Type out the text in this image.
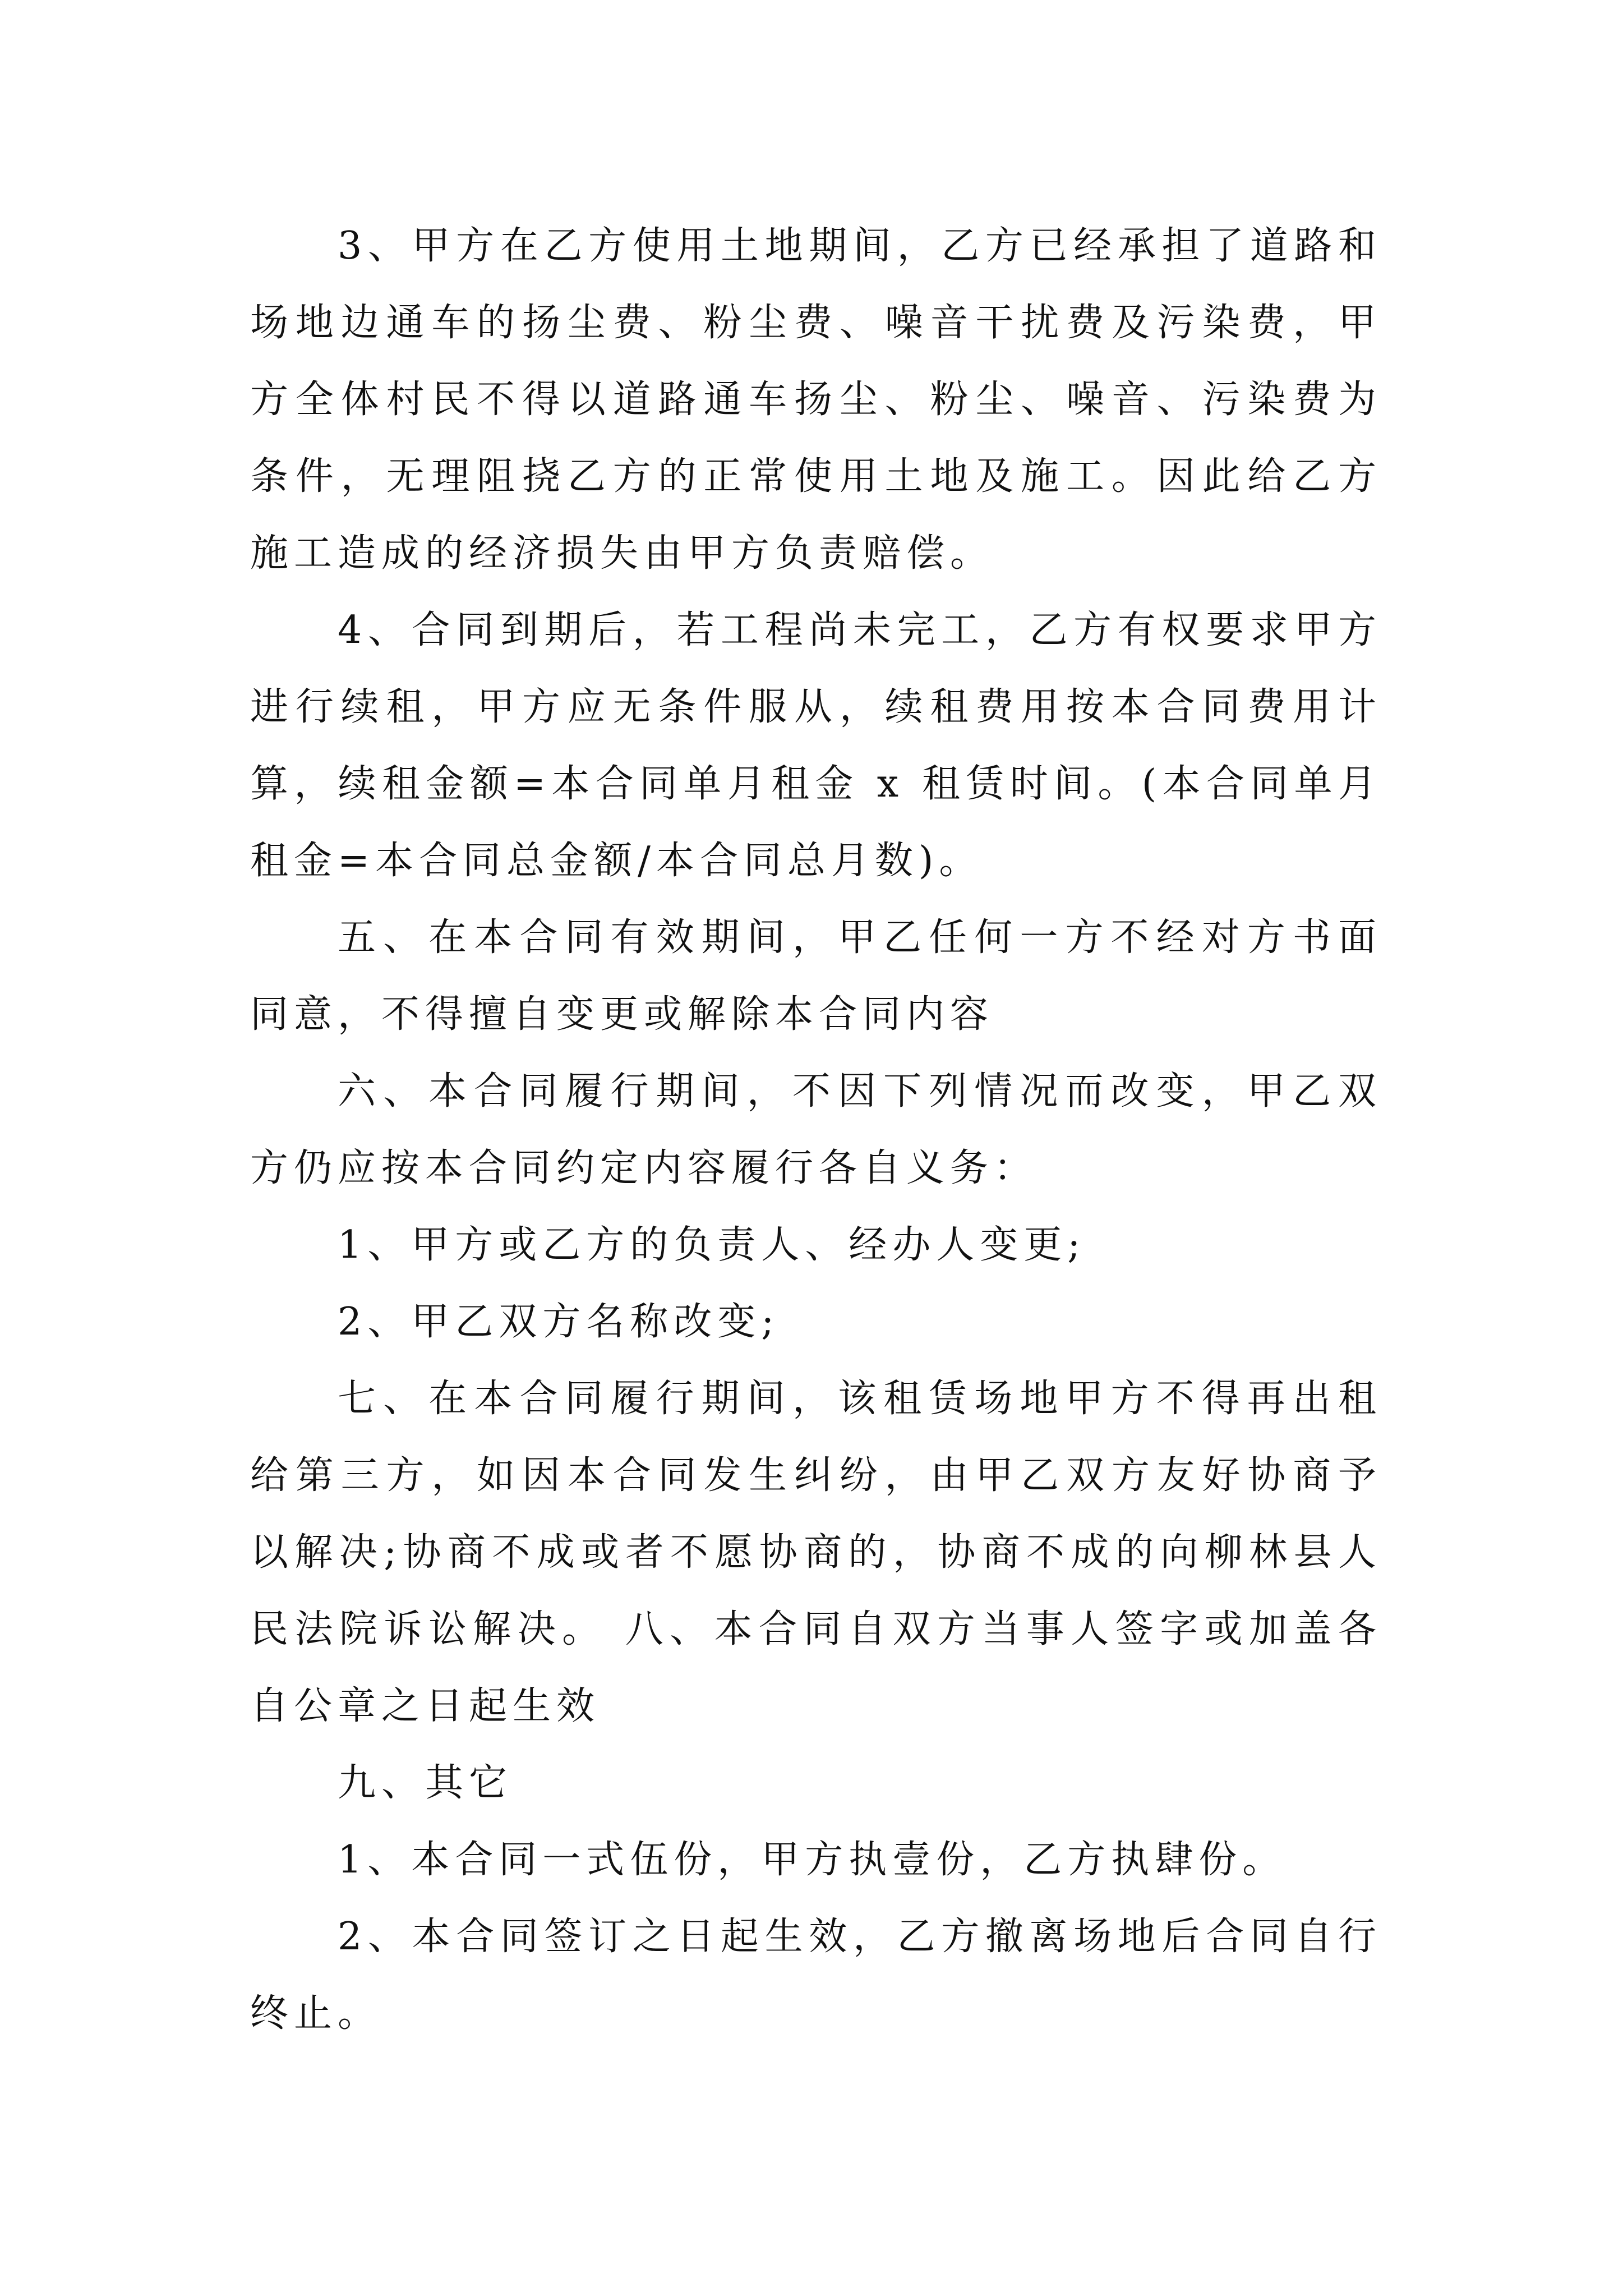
3、甲方在乙方使用土地期间，乙方已经承担了道路和场地边通车的扬尘费、粉尘费、噪音干扰费及污染费，甲方全体村民不得以道路通车扬尘、粉尘、噪音、污染费为条件，无理阻挠乙方的正常使用土地及施工。因此给乙方施工造成的经济损失由甲方负责赔偿。

4、合同到期后，若工程尚未完工，乙方有权要求甲方进行续租，甲方应无条件服从，续租费用按本合同费用计算，续租金额=本合同单月租金 x 租赁时间。(本合同单月租金=本合同总金额/本合同总月数)。

五、在本合同有效期间，甲乙任何一方不经对方书面同意，不得擅自变更或解除本合同内容

六、本合同履行期间，不因下列情况而改变，甲乙双方仍应按本合同约定内容履行各自义务：

1、甲方或乙方的负责人、经办人变更;

2、甲乙双方名称改变;

七、在本合同履行期间，该租赁场地甲方不得再出租给第三方，如因本合同发生纠纷，由甲乙双方友好协商予以解决;协商不成或者不愿协商的，协商不成的向柳林县人民法院诉讼解决。 八、本合同自双方当事人签字或加盖各自公章之日起生效

九、其它

1、本合同一式伍份，甲方执壹份，乙方执肆份。

2、本合同签订之日起生效，乙方撤离场地后合同自行终止。
